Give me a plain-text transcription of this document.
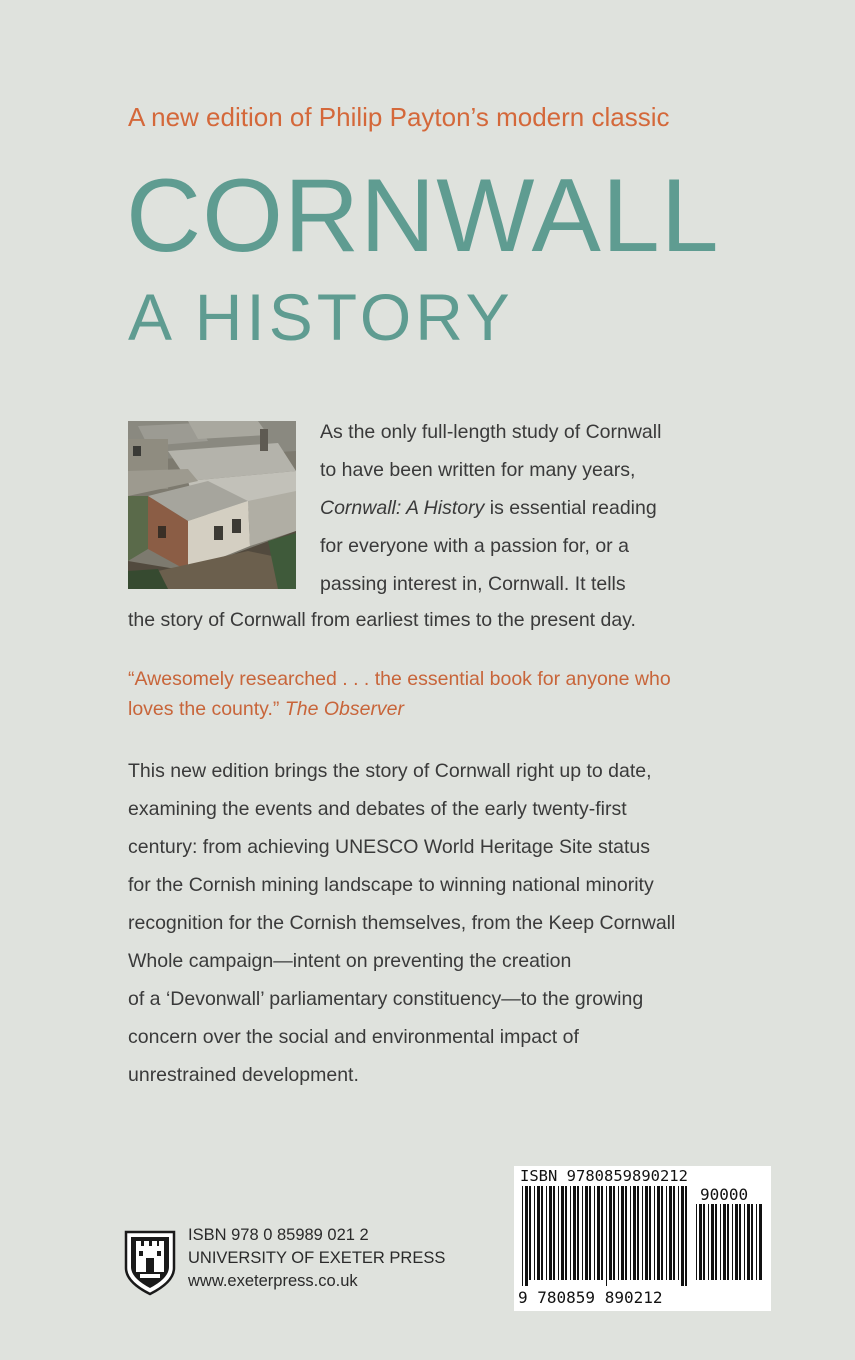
A new edition of Philip Payton’s modern classic
CORNWALL
A HISTORY
As the only full-length study of Cornwall
to have been written for many years,
Cornwall: A History is essential reading
for everyone with a passion for, or a
passing interest in, Cornwall. It tells
the story of Cornwall from earliest times to the present day.
“Awesomely researched . . . the essential book for anyone who
loves the county.” The Observer
This new edition brings the story of Cornwall right up to date,
examining the events and debates of the early twenty-first
century: from achieving UNESCO World Heritage Site status
for the Cornish mining landscape to winning national minority
recognition for the Cornish themselves, from the Keep Cornwall
Whole campaign—intent on preventing the creation
of a ‘Devonwall’ parliamentary constituency—to the growing
concern over the social and environmental impact of
unrestrained development.
ISBN 978 0 85989 021 2
UNIVERSITY OF EXETER PRESS
www.exeterpress.co.uk
ISBN 9780859890212
90000
9 780859 890212
